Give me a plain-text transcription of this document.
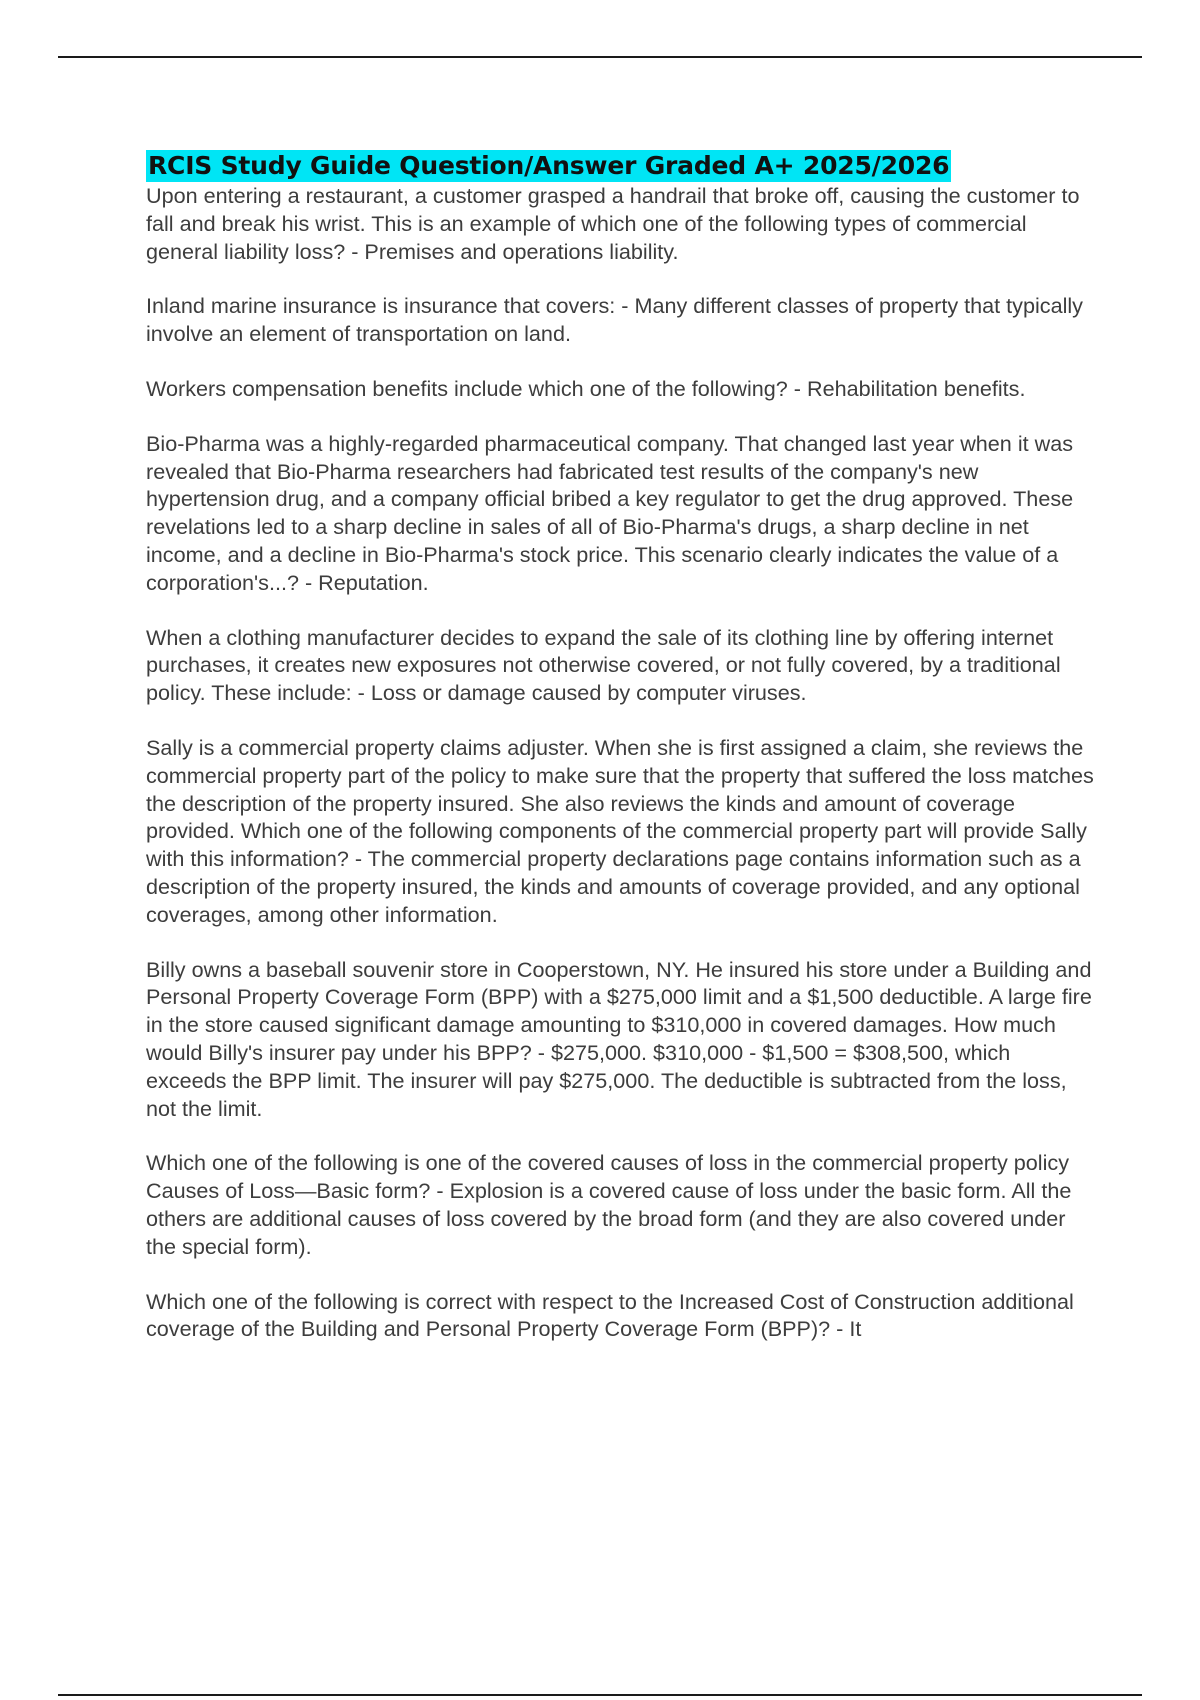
RCIS Study Guide Question/Answer Graded A+ 2025/2026

Upon entering a restaurant, a customer grasped a handrail that broke off, causing the customer to fall and break his wrist. This is an example of which one of the following types of commercial general liability loss? - Premises and operations liability.

Inland marine insurance is insurance that covers: - Many different classes of property that typically involve an element of transportation on land.

Workers compensation benefits include which one of the following? - Rehabilitation benefits.

Bio-Pharma was a highly-regarded pharmaceutical company. That changed last year when it was revealed that Bio-Pharma researchers had fabricated test results of the company's new hypertension drug, and a company official bribed a key regulator to get the drug approved. These revelations led to a sharp decline in sales of all of Bio-Pharma's drugs, a sharp decline in net income, and a decline in Bio-Pharma's stock price. This scenario clearly indicates the value of a corporation's...? - Reputation.

When a clothing manufacturer decides to expand the sale of its clothing line by offering internet purchases, it creates new exposures not otherwise covered, or not fully covered, by a traditional policy. These include: - Loss or damage caused by computer viruses.

Sally is a commercial property claims adjuster. When she is first assigned a claim, she reviews the commercial property part of the policy to make sure that the property that suffered the loss matches the description of the property insured. She also reviews the kinds and amount of coverage provided. Which one of the following components of the commercial property part will provide Sally with this information? - The commercial property declarations page contains information such as a description of the property insured, the kinds and amounts of coverage provided, and any optional coverages, among other information.

Billy owns a baseball souvenir store in Cooperstown, NY. He insured his store under a Building and Personal Property Coverage Form (BPP) with a $275,000 limit and a $1,500 deductible. A large fire in the store caused significant damage amounting to $310,000 in covered damages. How much would Billy's insurer pay under his BPP? - $275,000. $310,000 - $1,500 = $308,500, which exceeds the BPP limit. The insurer will pay $275,000. The deductible is subtracted from the loss, not the limit.

Which one of the following is one of the covered causes of loss in the commercial property policy Causes of Loss—Basic form? - Explosion is a covered cause of loss under the basic form. All the others are additional causes of loss covered by the broad form (and they are also covered under the special form).

Which one of the following is correct with respect to the Increased Cost of Construction additional coverage of the Building and Personal Property Coverage Form (BPP)? - It
